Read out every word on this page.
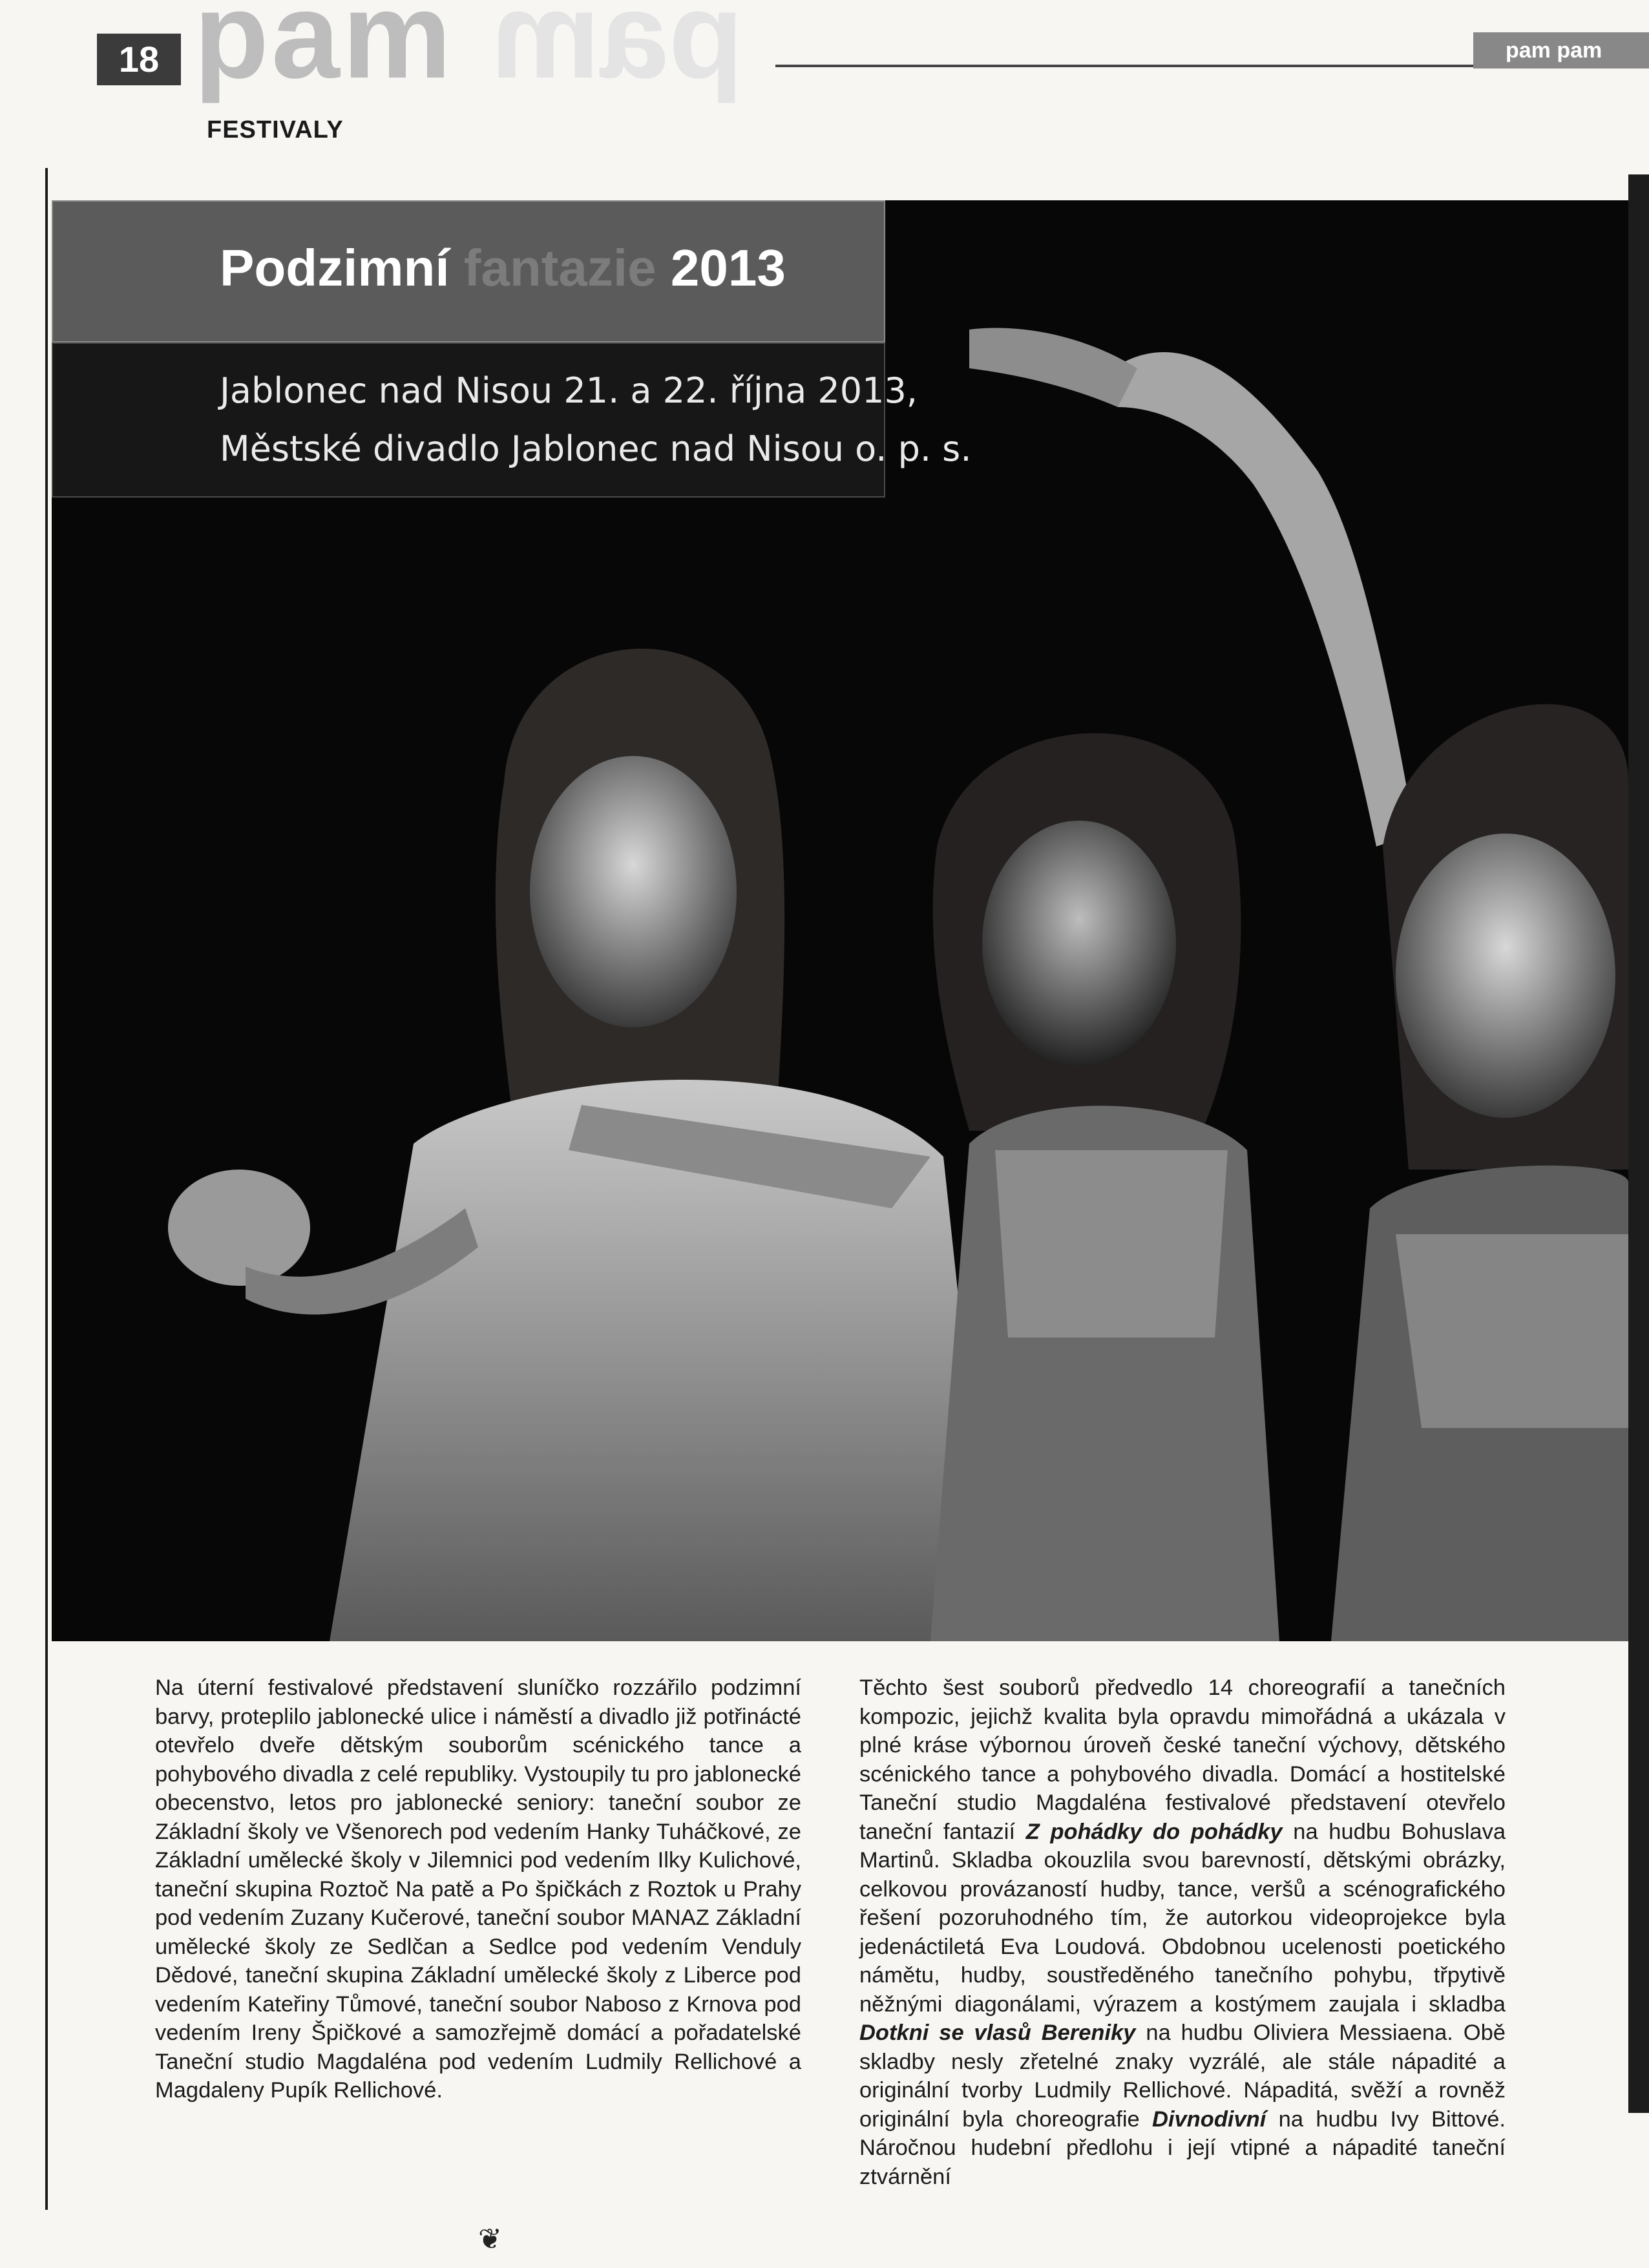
pam pam
18	pam pam
FESTIVALY
Podzimní fantazie 2013
Jablonec nad Nisou 21. a 22. října 2013,
Městské divadlo Jablonec nad Nisou o. p. s.

Na úterní festivalové představení sluníčko rozzářilo podzimní barvy, proteplilo jablonecké ulice i náměstí a divadlo již potřinácté otevřelo dveře dětským souborům scénického tance a pohybového divadla z celé republiky. Vystoupily tu pro jablonecké obecenstvo, letos pro jablonecké seniory: taneční soubor ze Základní školy ve Všenorech pod vedením Hanky Tuháčkové, ze Základní umělecké školy v Jilemnici pod vedením Ilky Kulichové, taneční skupina Roztoč Na patě a Po špičkách z Roztok u Prahy pod vedením Zuzany Kučerové, taneční soubor MANAZ Základní umělecké školy ze Sedlčan a Sedlce pod vedením Venduly Dědové, taneční skupina Základní umělecké školy z Liberce pod vedením Kateřiny Tůmové, taneční soubor Naboso z Krnova pod vedením Ireny Špičkové a samozřejmě domácí a pořadatelské Taneční studio Magdaléna pod vedením Ludmily Rellichové a Magdaleny Pupík Rellichové.

Těchto šest souborů předvedlo 14 choreografií a tanečních kompozic, jejichž kvalita byla opravdu mimořádná a ukázala v plné kráse výbornou úroveň české taneční výchovy, dětského scénického tance a pohybového divadla. Domácí a hostitelské Taneční studio Magdaléna festivalové představení otevřelo taneční fantazií Z pohádky do pohádky na hudbu Bohuslava Martinů. Skladba okouzlila svou barevností, dětskými obrázky, celkovou provázaností hudby, tance, veršů a scénografického řešení pozoruhodného tím, že autorkou videoprojekce byla jedenáctiletá Eva Loudová. Obdobnou ucelenosti poetického námětu, hudby, soustředěného tanečního pohybu, třpytivě něžnými diagonálami, výrazem a kostýmem zaujala i skladba Dotkni se vlasů Bereniky na hudbu Oliviera Messiaena. Obě skladby nesly zřetelné znaky vyzrálé, ale stále nápadité a originální tvorby Ludmily Rellichové. Nápaditá, svěží a rovněž originální byla choreografie Divnodivní na hudbu Ivy Bittové. Náročnou hudební předlohu i její vtipné a nápadité taneční ztvárnění

❦
